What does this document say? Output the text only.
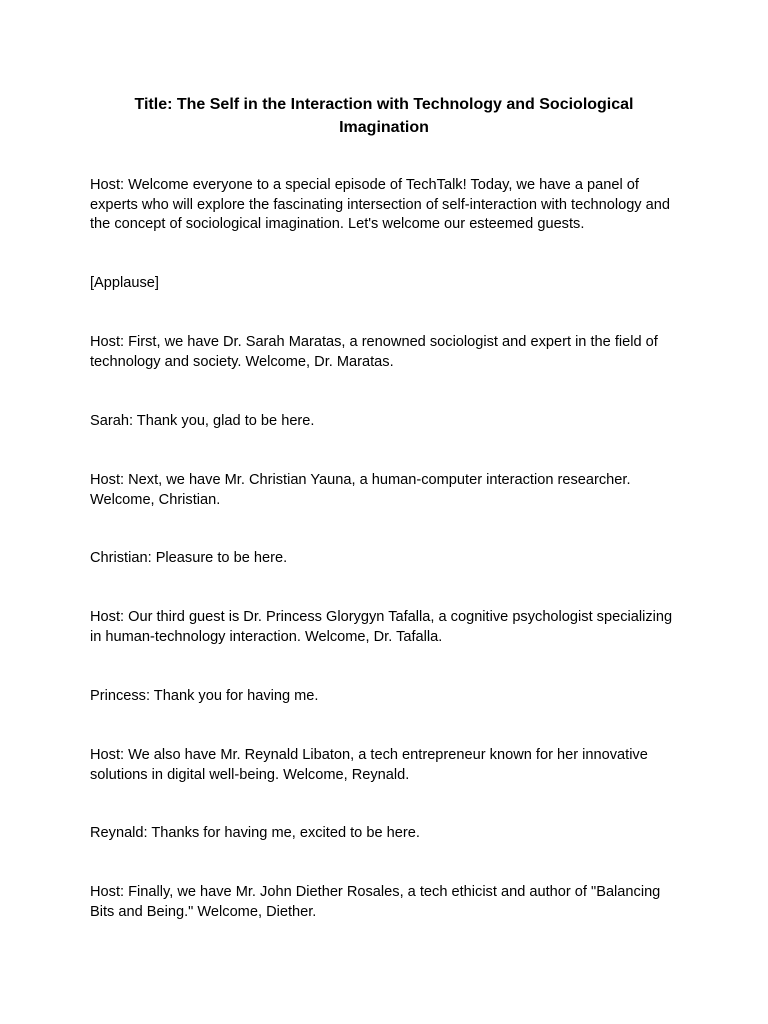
Title: The Self in the Interaction with Technology and Sociological Imagination

Host: Welcome everyone to a special episode of TechTalk! Today, we have a panel of experts who will explore the fascinating intersection of self-interaction with technology and the concept of sociological imagination. Let's welcome our esteemed guests.

[Applause]

Host: First, we have Dr. Sarah Maratas, a renowned sociologist and expert in the field of technology and society. Welcome, Dr. Maratas.

Sarah: Thank you, glad to be here.

Host: Next, we have Mr. Christian Yauna, a human-computer interaction researcher. Welcome, Christian.

Christian: Pleasure to be here.

Host: Our third guest is Dr. Princess Glorygyn Tafalla, a cognitive psychologist specializing in human-technology interaction. Welcome, Dr. Tafalla.

Princess: Thank you for having me.

Host: We also have Mr. Reynald Libaton, a tech entrepreneur known for her innovative solutions in digital well-being. Welcome, Reynald.

Reynald: Thanks for having me, excited to be here.

Host: Finally, we have Mr. John Diether Rosales, a tech ethicist and author of "Balancing Bits and Being." Welcome, Diether.
